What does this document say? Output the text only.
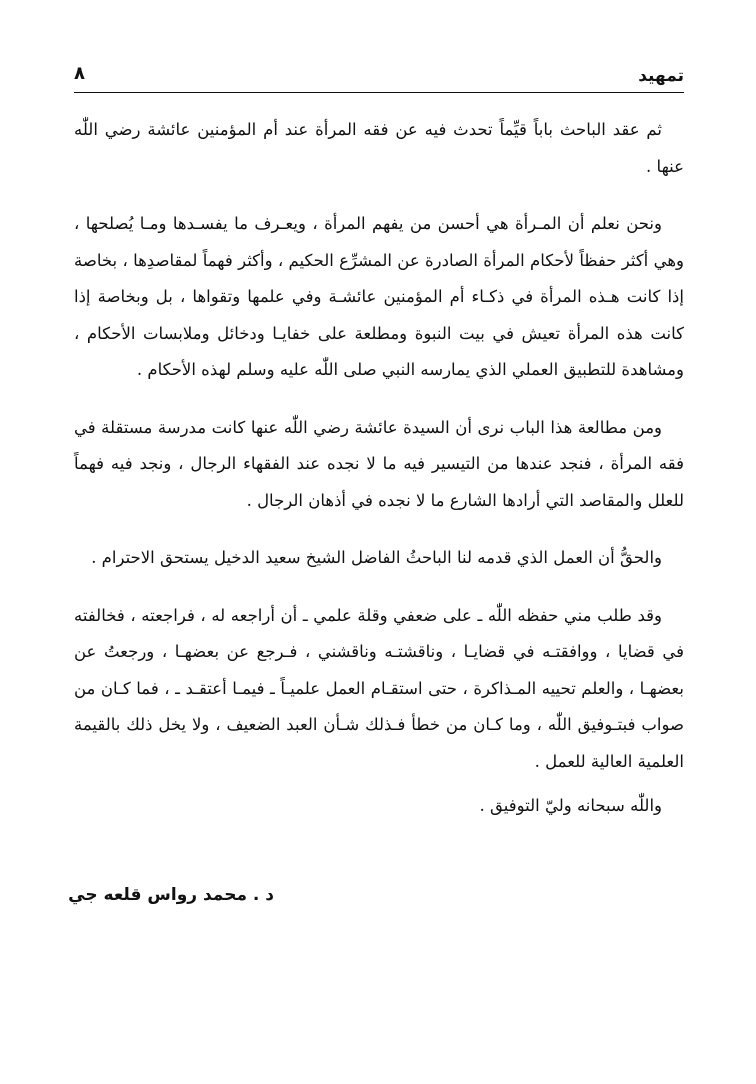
تمهيد
٨

ثم عقد الباحث باباً قيِّماً تحدث فيه عن فقه المرأة عند أم المؤمنين عائشة رضي اللّٰه عنها .

ونحن نعلم أن المـرأة هي أحسن من يفهم المرأة ، ويعـرف ما يفسـدها ومـا يُصلحها ، وهي أكثر حفظاً لأحكام المرأة الصادرة عن المشرِّع الحكيم ، وأكثر فهماً لمقاصدِها ، بخاصة إذا كانت هـذه المرأة في ذكـاء أم المؤمنين عائشـة وفي علمها وتقواها ، بل وبخاصة إذا كانت هذه المرأة تعيش في بيت النبوة ومطلعة على خفايـا ودخائل وملابسات الأحكام ، ومشاهدة للتطبيق العملي الذي يمارسه النبي صلى اللّٰه عليه وسلم لهذه الأحكام .

ومن مطالعة هذا الباب نرى أن السيدة عائشة رضي اللّٰه عنها كانت مدرسة مستقلة في فقه المرأة ، فنجد عندها من التيسير فيه ما لا نجده عند الفقهاء الرجال ، ونجد فيه فهماً للعلل والمقاصد التي أرادها الشارع ما لا نجده في أذهان الرجال .

والحقُّ أن العمل الذي قدمه لنا الباحثُ الفاضل الشيخ سعيد الدخيل يستحق الاحترام .

وقد طلب مني حفظه اللّٰه ـ على ضعفي وقلة علمي ـ أن أراجعه له ، فراجعته ، فخالفته في قضايا ، ووافقتـه في قضايـا ، وناقشتـه وناقشني ، فـرجع عن بعضهـا ، ورجعتُ عن بعضهـا ، والعلم تحييه المـذاكرة ، حتى استقـام العمل علميـاً ـ فيمـا أعتقـد ـ ، فما كـان من صواب فبتـوفيق اللّٰه ، وما كـان من خطأ فـذلك شـأن العبد الضعيف ، ولا يخل ذلك بالقيمة العلمية العالية للعمل .

واللّٰه سبحانه وليّ التوفيق .

د . محمد رواس قلعه جي
